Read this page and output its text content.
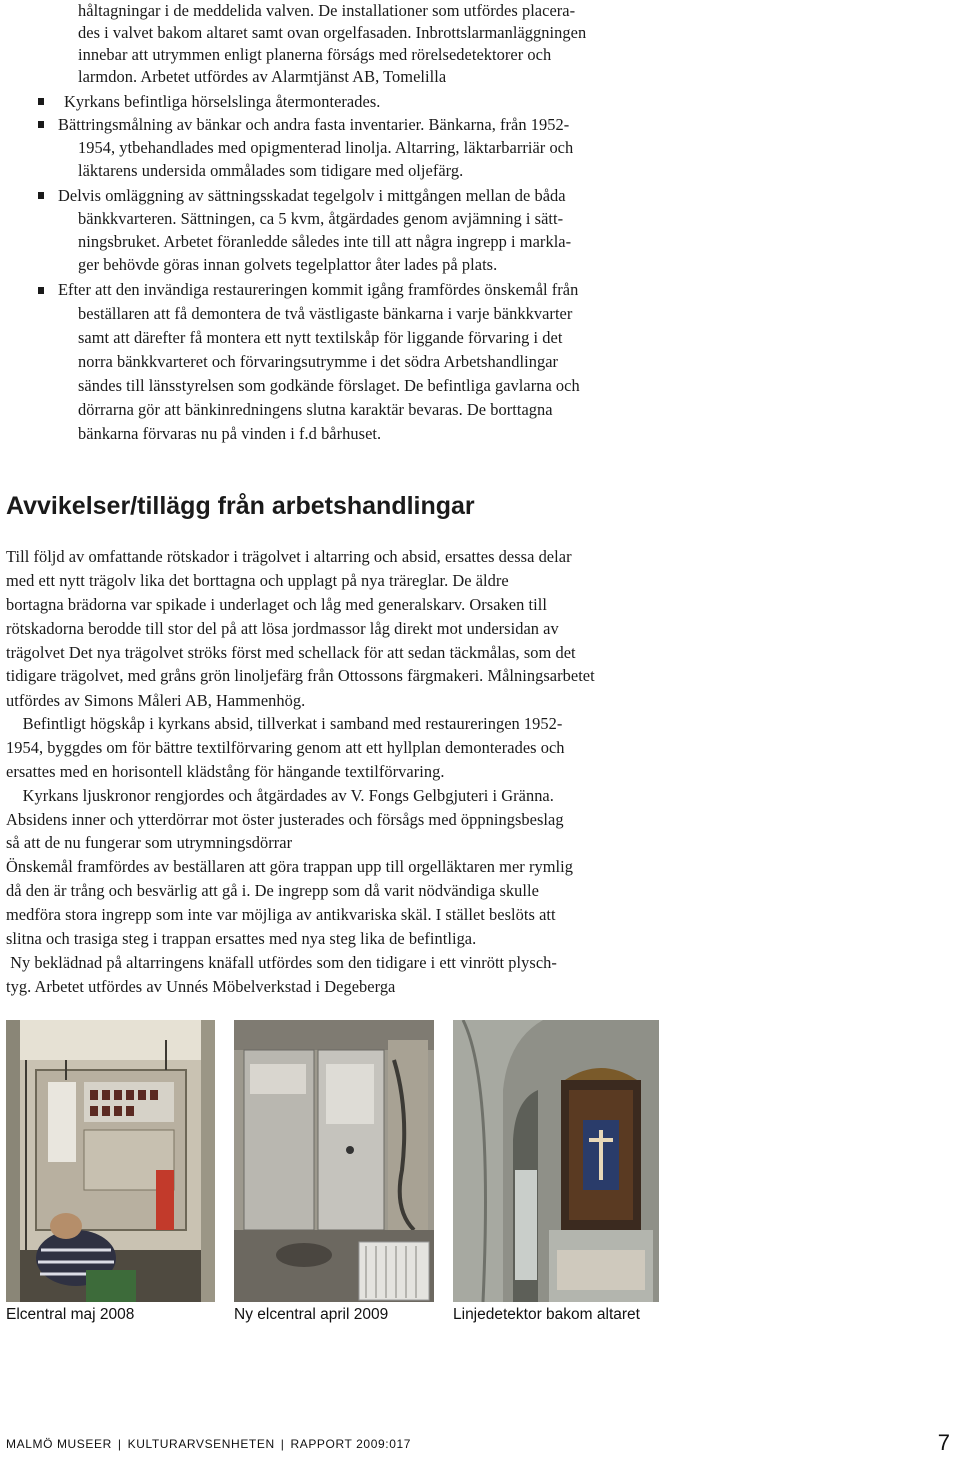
håltagningar i de meddelida valven. De installationer som utfördes placera-
des i valvet bakom altaret samt ovan orgelfasaden. Inbrottslarmanläggningen
innebar att utrymmen enligt planerna förságs med rörelsedetektorer och
larmdon. Arbetet utfördes av Alarmtjänst AB, Tomelilla
Kyrkans befintliga hörselslinga återmonterades.
Bättringsmålning av bänkar och andra fasta inventarier. Bänkarna, från 1952-
1954, ytbehandlades med opigmenterad linolja. Altarring, läktarbarriär och
läktarens undersida ommålades som tidigare med oljefärg.
Delvis omläggning av sättningsskadat tegelgolv i mittgången mellan de båda
bänkkvarteren. Sättningen, ca 5 kvm, åtgärdades genom avjämning i sätt-
ningsbruket. Arbetet föranledde således inte till att några ingrepp i markla-
ger behövde göras innan golvets tegelplattor åter lades på plats.
Efter att den invändiga restaureringen kommit igång framfördes önskemål från
beställaren att få demontera de två västligaste bänkarna i varje bänkkvarter
samt att därefter få montera ett nytt textilskåp för liggande förvaring i det
norra bänkkvarteret och förvaringsutrymme i det södra Arbetshandlingar
sändes till länsstyrelsen som godkände förslaget. De befintliga gavlarna och
dörrarna gör att bänkinredningens slutna karaktär bevaras. De borttagna
bänkarna förvaras nu på vinden i f.d bårhuset.
Avvikelser/tillägg från arbetshandlingar
Till följd av omfattande rötskador i trägolvet i altarring och absid, ersattes dessa delar
med ett nytt trägolv lika det borttagna och upplagt på nya träreglar. De äldre
bortagna brädorna var spikade i underlaget och låg med generalskarv. Orsaken till
rötskadorna berodde till stor del på att lösa jordmassor låg direkt mot undersidan av
trägolvet Det nya trägolvet ströks först med schellack för att sedan täckmålas, som det
tidigare trägolvet, med gråns grön linoljefärg från Ottossons färgmakeri. Målningsarbetet
utfördes av Simons Måleri AB, Hammenhög.
Befintligt högskåp i kyrkans absid, tillverkat i samband med restaureringen 1952-
1954, byggdes om för bättre textilförvaring genom att ett hyllplan demonterades och
ersattes med en horisontell klädstång för hängande textilförvaring.
Kyrkans ljuskronor rengjordes och åtgärdades av V. Fongs Gelbgjuteri i Gränna.
Absidens inner och ytterdörrar mot öster justerades och försågs med öppningsbeslag
så att de nu fungerar som utrymningsdörrar
Önskemål framfördes av beställaren att göra trappan upp till orgelläktaren mer rymlig
då den är trång och besvärlig att gå i. De ingrepp som då varit nödvändiga skulle
medföra stora ingrepp som inte var möjliga av antikvariska skäl. I stället beslöts att
slitna och trasiga steg i trappan ersattes med nya steg lika de befintliga.
Ny beklädnad på altarringens knäfall utfördes som den tidigare i ett vinrött plysch-
tyg. Arbetet utfördes av Unnés Möbelverkstad i Degeberga
Elcentral maj 2008	Ny elcentral april 2009	Linjedetektor bakom altaret
MALMÖ MUSEER | KULTURARVSENHETEN | RAPPORT 2009:017	7
